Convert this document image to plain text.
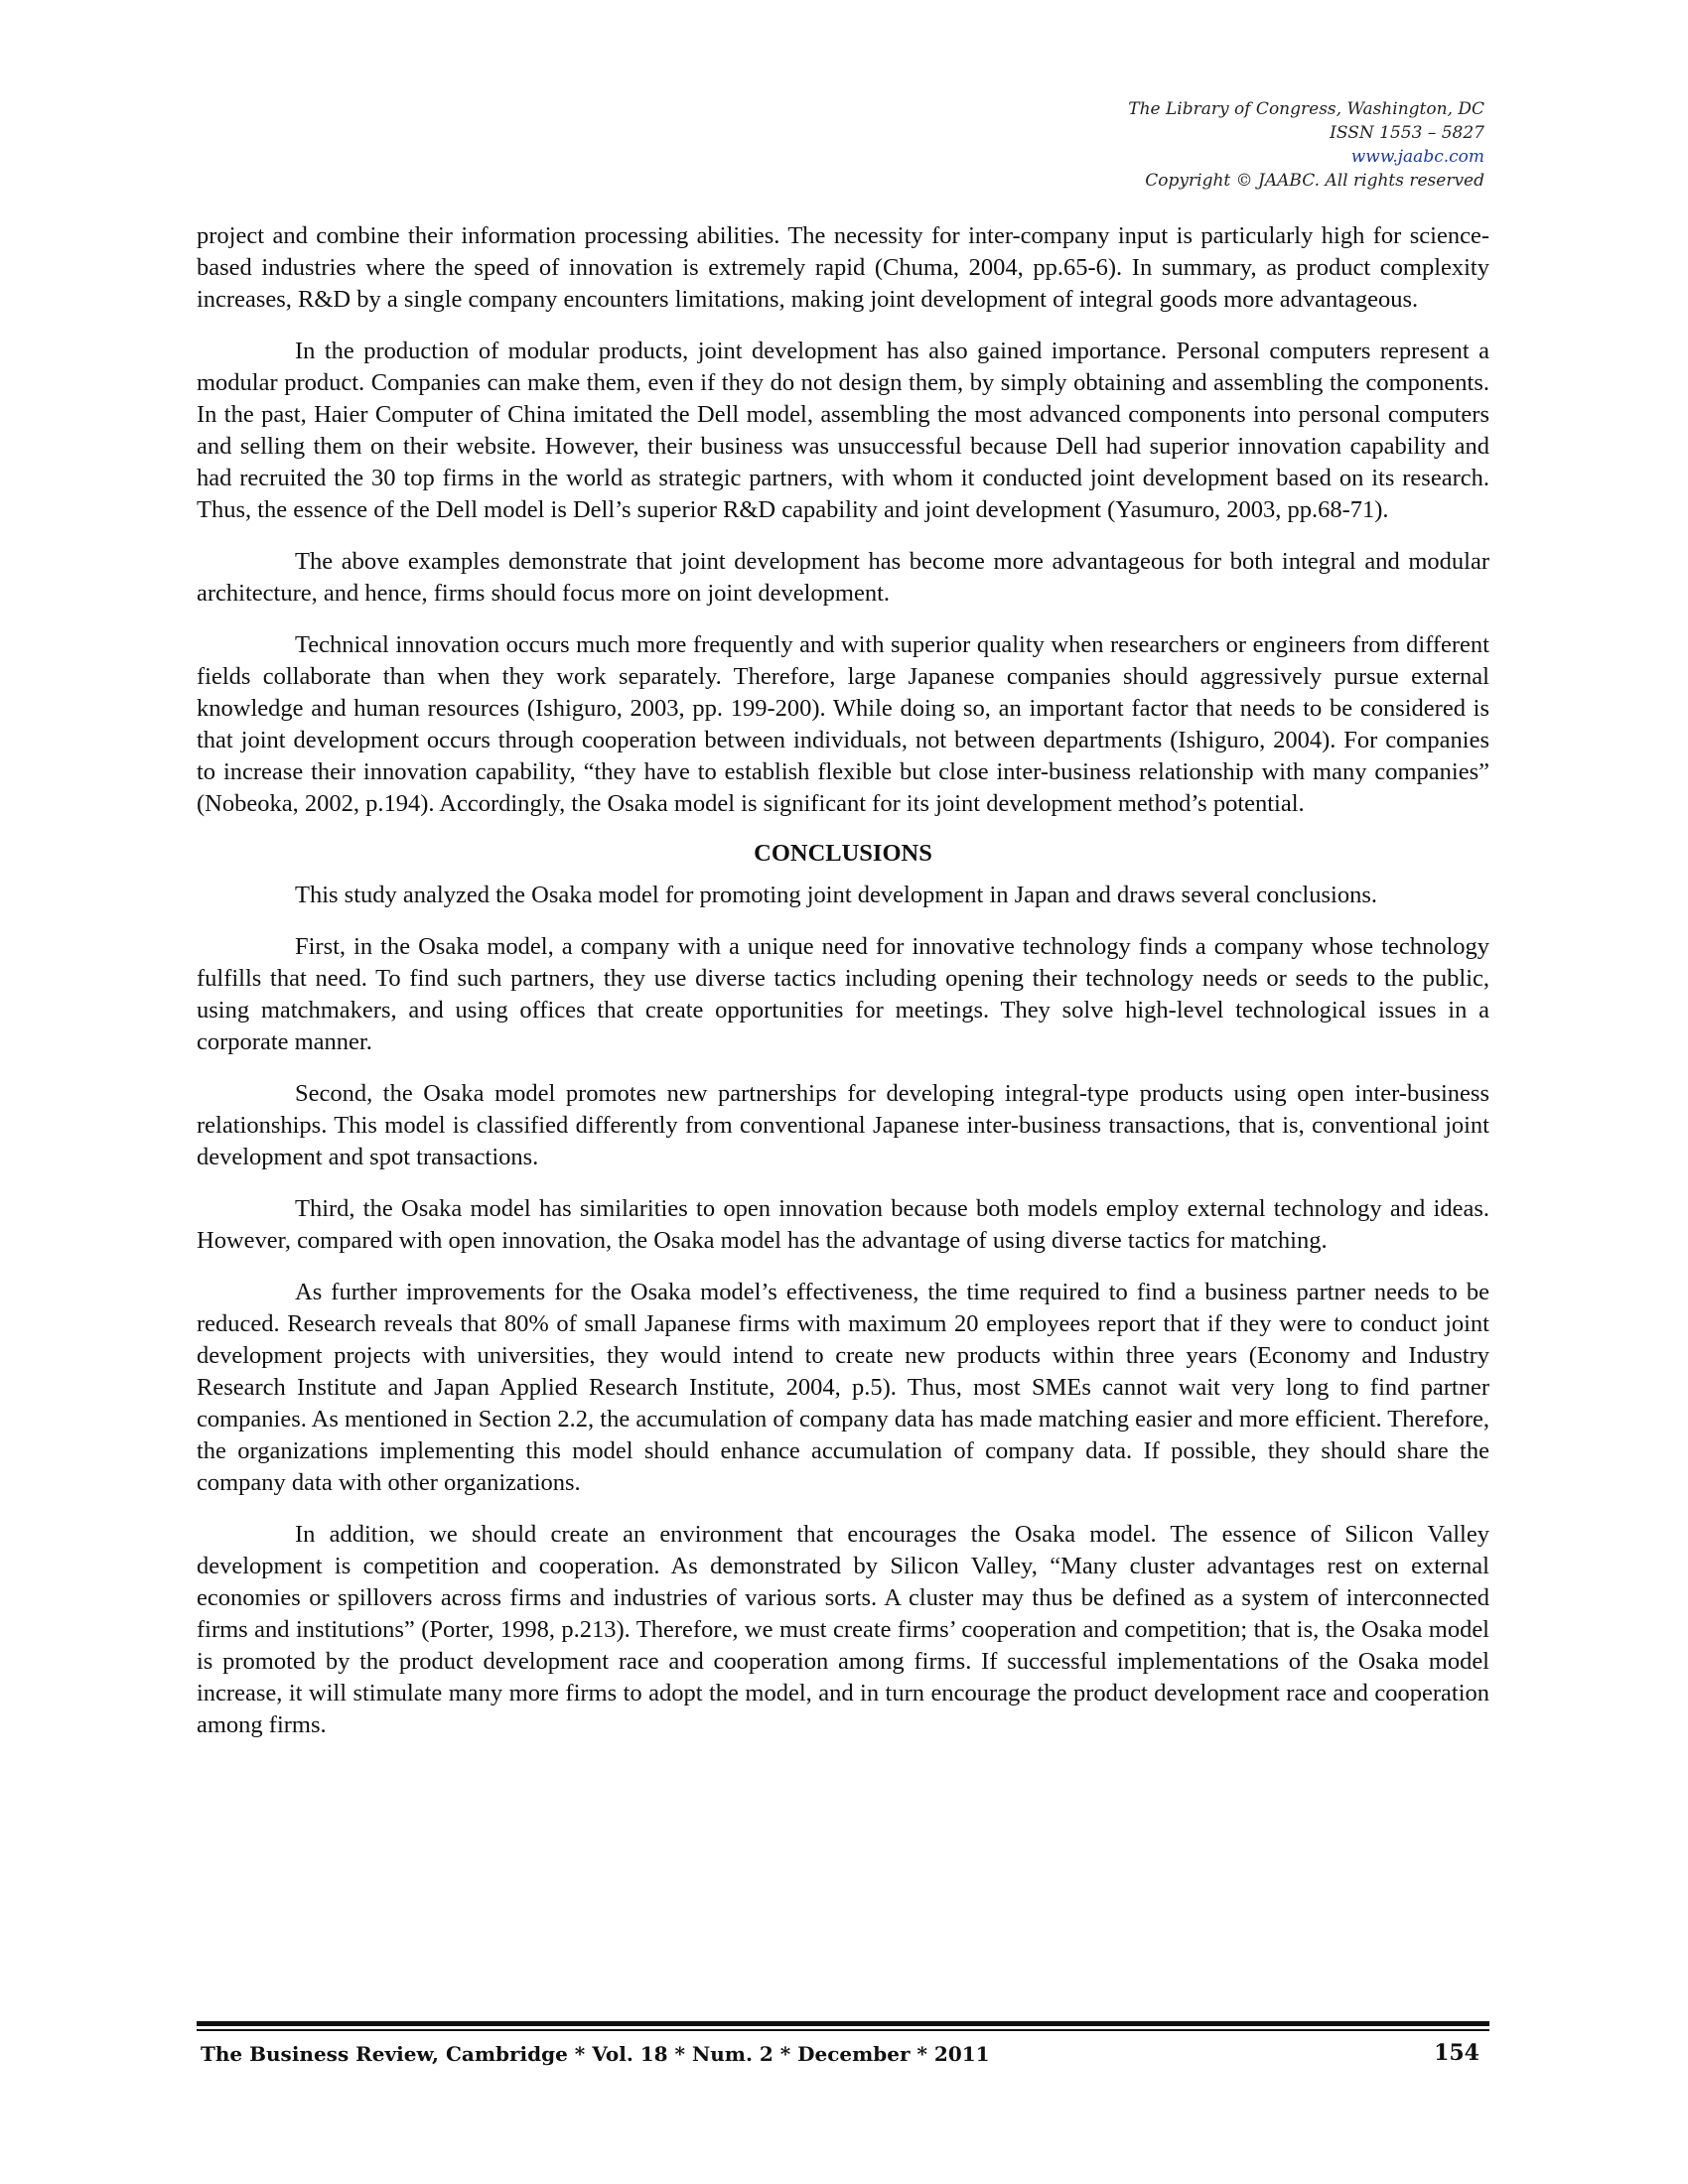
The Library of Congress, Washington, DC
ISSN 1553 – 5827
www.jaabc.com
Copyright © JAABC. All rights reserved

project and combine their information processing abilities. The necessity for inter-company input is particularly high for science-based industries where the speed of innovation is extremely rapid (Chuma, 2004, pp.65-6). In summary, as product complexity increases, R&D by a single company encounters limitations, making joint development of integral goods more advantageous.

In the production of modular products, joint development has also gained importance. Personal computers represent a modular product. Companies can make them, even if they do not design them, by simply obtaining and assembling the components. In the past, Haier Computer of China imitated the Dell model, assembling the most advanced components into personal computers and selling them on their website. However, their business was unsuccessful because Dell had superior innovation capability and had recruited the 30 top firms in the world as strategic partners, with whom it conducted joint development based on its research. Thus, the essence of the Dell model is Dell’s superior R&D capability and joint development (Yasumuro, 2003, pp.68-71).

The above examples demonstrate that joint development has become more advantageous for both integral and modular architecture, and hence, firms should focus more on joint development.

Technical innovation occurs much more frequently and with superior quality when researchers or engineers from different fields collaborate than when they work separately. Therefore, large Japanese companies should aggressively pursue external knowledge and human resources (Ishiguro, 2003, pp. 199-200). While doing so, an important factor that needs to be considered is that joint development occurs through cooperation between individuals, not between departments (Ishiguro, 2004). For companies to increase their innovation capability, “they have to establish flexible but close inter-business relationship with many companies” (Nobeoka, 2002, p.194). Accordingly, the Osaka model is significant for its joint development method’s potential.

CONCLUSIONS

This study analyzed the Osaka model for promoting joint development in Japan and draws several conclusions.

First, in the Osaka model, a company with a unique need for innovative technology finds a company whose technology fulfills that need. To find such partners, they use diverse tactics including opening their technology needs or seeds to the public, using matchmakers, and using offices that create opportunities for meetings. They solve high-level technological issues in a corporate manner.

Second, the Osaka model promotes new partnerships for developing integral-type products using open inter-business relationships. This model is classified differently from conventional Japanese inter-business transactions, that is, conventional joint development and spot transactions.

Third, the Osaka model has similarities to open innovation because both models employ external technology and ideas. However, compared with open innovation, the Osaka model has the advantage of using diverse tactics for matching.

As further improvements for the Osaka model’s effectiveness, the time required to find a business partner needs to be reduced. Research reveals that 80% of small Japanese firms with maximum 20 employees report that if they were to conduct joint development projects with universities, they would intend to create new products within three years (Economy and Industry Research Institute and Japan Applied Research Institute, 2004, p.5). Thus, most SMEs cannot wait very long to find partner companies. As mentioned in Section 2.2, the accumulation of company data has made matching easier and more efficient. Therefore, the organizations implementing this model should enhance accumulation of company data. If possible, they should share the company data with other organizations.

In addition, we should create an environment that encourages the Osaka model. The essence of Silicon Valley development is competition and cooperation. As demonstrated by Silicon Valley, “Many cluster advantages rest on external economies or spillovers across firms and industries of various sorts. A cluster may thus be defined as a system of interconnected firms and institutions” (Porter, 1998, p.213). Therefore, we must create firms’ cooperation and competition; that is, the Osaka model is promoted by the product development race and cooperation among firms. If successful implementations of the Osaka model increase, it will stimulate many more firms to adopt the model, and in turn encourage the product development race and cooperation among firms.

The Business Review, Cambridge * Vol. 18 * Num. 2 * December * 2011	154
